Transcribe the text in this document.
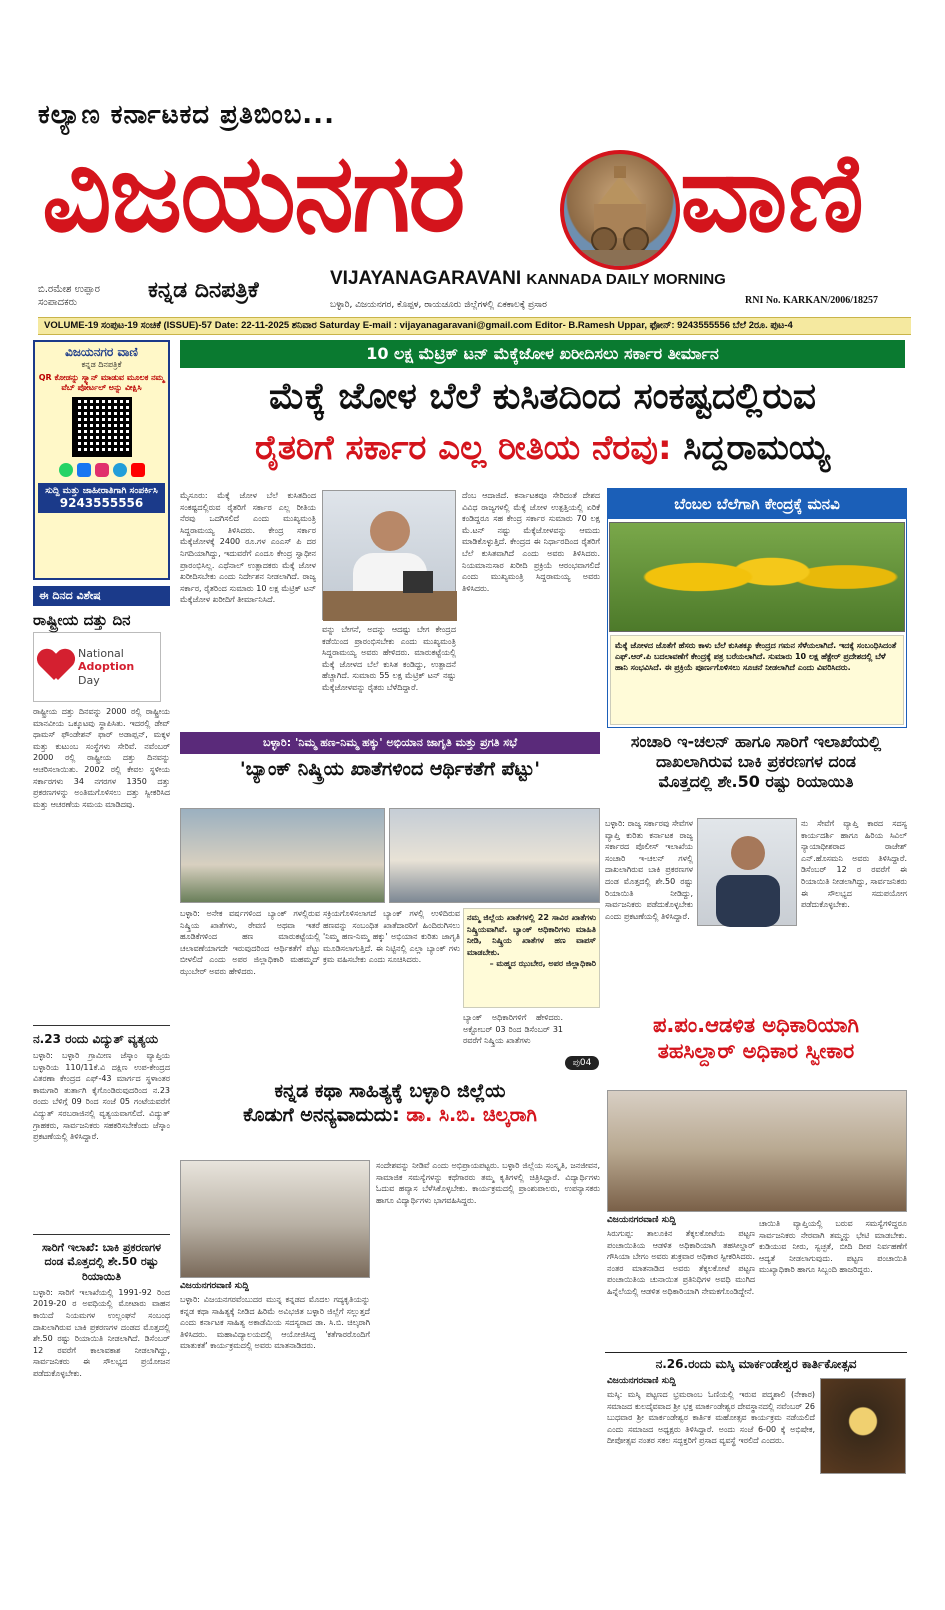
ಕಲ್ಯಾಣ ಕರ್ನಾಟಕದ ಪ್ರತಿಬಿಂಬ...
ವಿಜಯನಗರ ವಾಣಿ
ಬಿ.ರಮೇಶ ಉಪ್ಪಾರ
ಸಂಪಾದಕರು	ಕನ್ನಡ ದಿನಪತ್ರಿಕೆ	VIJAYANAGARAVANI KANNADA DAILY MORNING
ಬಳ್ಳಾರಿ, ವಿಜಯನಗರ, ಕೊಪ್ಪಳ, ರಾಯಚೂರು ಜಿಲ್ಲೆಗಳಲ್ಲಿ ಏಕಕಾಲಕ್ಕೆ ಪ್ರಸಾರ	RNI No. KARKAN/2006/18257
VOLUME-19 ಸಂಪುಟ-19 ಸಂಚಿಕೆ (ISSUE)-57 Date: 22-11-2025 ಶನಿವಾರ Saturday E-mail : vijayanagaravani@gmail.com Editor- B.Ramesh Uppar, ಫೋನ್: 9243555556 ಬೆಲೆ 2ರೂ. ಪುಟ-4
ವಿಜಯನಗರ ವಾಣಿ
ಕನ್ನಡ ದಿನಪತ್ರಿಕೆ
QR ಕೋಡನ್ನು ಸ್ಕ್ಯಾನ್ ಮಾಡುವ ಮೂಲಕ ನಮ್ಮ ವೆಬ್ ಪೋರ್ಟಲ್ ಅನ್ನು ವೀಕ್ಷಿಸಿ
ಸುದ್ದಿ ಮತ್ತು ಜಾಹೀರಾತಿಗಾಗಿ ಸಂಪರ್ಕಿಸಿ
9243555556
ಈ ದಿನದ ವಿಶೇಷ
ರಾಷ್ಟ್ರೀಯ ದತ್ತು ದಿನ
National
Adoption
Day
ರಾಷ್ಟ್ರೀಯ ದತ್ತು ದಿನವನ್ನು 2000 ರಲ್ಲಿ ರಾಷ್ಟ್ರೀಯ ಮಾನವೀಯ ಒಕ್ಕೂಟವು ಸ್ಥಾಪಿಸಿತು. ಇದರಲ್ಲಿ ಡೇವ್ ಥಾಮಸ್ ಫೌಂಡೇಶನ್ ಫಾರ್ ಅಡಾಪ್ಷನ್, ಮಕ್ಕಳ ಮತ್ತು ಕುಟುಂಬ ಸಂಸ್ಥೆಗಳು ಸೇರಿವೆ. ನವೆಂಬರ್ 2000 ರಲ್ಲಿ ರಾಷ್ಟ್ರೀಯ ದತ್ತು ದಿನವನ್ನು ಆಚರಿಸಲಾಯಿತು. 2002 ರಲ್ಲಿ ಕೇವಲ ಸ್ಥಳೀಯ ಸರ್ಕಾರಗಳು 34 ನಗರಗಳ 1350 ದತ್ತು ಪ್ರಕರಣಗಳನ್ನು ಅಂತಿಮಗೊಳಿಸಲು ದತ್ತು ಸ್ವೀಕರಿಸಿದ ಮತ್ತು ಆಚರಣೆಯ ಸಮಯ ಮಾಡಿದವು.
ನ.23 ರಂದು ವಿದ್ಯುತ್ ವ್ಯತ್ಯಯ
ಬಳ್ಳಾರಿ: ಬಳ್ಳಾರಿ ಗ್ರಾಮೀಣ ಜೆಸ್ಕಾಂ ವ್ಯಾಪ್ತಿಯ ಬಳ್ಳಾರಿಯ 110/11ಕೆ.ವಿ ದಕ್ಷಿಣ ಉಪ-ಕೇಂದ್ರದ ವಿತರಣಾ ಕೇಂದ್ರದ ಎಫ್-43 ಮಾರ್ಗದ ಸ್ಥಳಾಂತರ ಕಾಮಗಾರಿ ತುರ್ತಾಗಿ ಕೈಗೊಂಡಿರುವುದರಿಂದ ನ.23 ರಂದು ಬೆಳಿಗ್ಗೆ 09 ರಿಂದ ಸಂಜೆ 05 ಗಂಟೆಯವರೆಗೆ ವಿದ್ಯುತ್ ಸರಬರಾಜಿನಲ್ಲಿ ವ್ಯತ್ಯಯವಾಗಲಿದೆ. ವಿದ್ಯುತ್ ಗ್ರಾಹಕರು, ಸಾರ್ವಜನಿಕರು ಸಹಕರಿಸಬೇಕೆಂದು ಜೆಸ್ಕಾಂ ಪ್ರಕಟಣೆಯಲ್ಲಿ ತಿಳಿಸಿದ್ದಾರೆ.
ಸಾರಿಗೆ ಇಲಾಖೆ: ಬಾಕಿ ಪ್ರಕರಣಗಳ ದಂಡ ಮೊತ್ತದಲ್ಲಿ ಶೇ.50 ರಷ್ಟು ರಿಯಾಯಿತಿ
ಬಳ್ಳಾರಿ: ಸಾರಿಗೆ ಇಲಾಖೆಯಲ್ಲಿ 1991-92 ರಿಂದ 2019-20 ರ ಅವಧಿಯಲ್ಲಿ ಮೋಟಾರು ವಾಹನ ಕಾಯಿದೆ ನಿಯಮಗಳ ಉಲ್ಲಂಘನೆ ಸಂಬಂಧ ದಾಖಲಾಗಿರುವ ಬಾಕಿ ಪ್ರಕರಣಗಳ ದಂಡದ ಮೊತ್ತದಲ್ಲಿ ಶೇ.50 ರಷ್ಟು ರಿಯಾಯಿತಿ ನೀಡಲಾಗಿದೆ. ಡಿಸೆಂಬರ್ 12 ರವರೆಗೆ ಕಾಲಾವಕಾಶ ನೀಡಲಾಗಿದ್ದು, ಸಾರ್ವಜನಿಕರು ಈ ಸೌಲಭ್ಯದ ಪ್ರಯೋಜನ ಪಡೆದುಕೊಳ್ಳಬೇಕು.
10 ಲಕ್ಷ ಮೆಟ್ರಿಕ್ ಟನ್ ಮೆಕ್ಕೆಜೋಳ ಖರೀದಿಸಲು ಸರ್ಕಾರ ತೀರ್ಮಾನ
ಮೆಕ್ಕೆ ಜೋಳ ಬೆಲೆ ಕುಸಿತದಿಂದ ಸಂಕಷ್ಟದಲ್ಲಿರುವ
ರೈತರಿಗೆ ಸರ್ಕಾರ ಎಲ್ಲ ರೀತಿಯ ನೆರವು: ಸಿದ್ದರಾಮಯ್ಯ
ಮೈಸೂರು: ಮೆಕ್ಕೆ ಜೋಳ ಬೆಲೆ ಕುಸಿತದಿಂದ ಸಂಕಷ್ಟದಲ್ಲಿರುವ ರೈತರಿಗೆ ಸರ್ಕಾರ ಎಲ್ಲ ರೀತಿಯ ನೆರವು ಒದಗಿಸಲಿದೆ ಎಂದು ಮುಖ್ಯಮಂತ್ರಿ ಸಿದ್ದರಾಮಯ್ಯ ತಿಳಿಸಿದರು. ಕೇಂದ್ರ ಸರ್ಕಾರ ಮೆಕ್ಕೆಜೋಳಕ್ಕೆ 2400 ರೂ.ಗಳ ಎಂಎಸ್ ಪಿ ದರ ನಿಗದಿಯಾಗಿದ್ದು, ಇದುವರೆಗೆ ಎಂದೂ ಕೇಂದ್ರ ಸ್ವಾಧೀನ ಪ್ರಾರಂಭಿಸಿಲ್ಲ. ಎಥೆನಾಲ್ ಉತ್ಪಾದಕರು ಮೆಕ್ಕೆ ಜೋಳ ಖರೀದಿಸಬೇಕು ಎಂದು ನಿರ್ದೇಶನ ನೀಡಲಾಗಿದೆ. ರಾಜ್ಯ ಸರ್ಕಾರ, ರೈತರಿಂದ ಸುಮಾರು 10 ಲಕ್ಷ ಮೆಟ್ರಿಕ್ ಟನ್ ಮೆಕ್ಕೆಜೋಳ ಖರೀದಿಗೆ ತೀರ್ಮಾನಿಸಿದೆ.
ವನ್ನು ಬೇಗನೆ, ಅದನ್ನು ಆದಷ್ಟು ಬೇಗ ಕೇಂದ್ರದ ಕಡೆಯಿಂದ ಪ್ರಾರಂಭಿಸಬೇಕು ಎಂದು ಮುಖ್ಯಮಂತ್ರಿ ಸಿದ್ದರಾಮಯ್ಯ ಅವರು ಹೇಳಿದರು. ಮಾರುಕಟ್ಟೆಯಲ್ಲಿ ಮೆಕ್ಕೆ ಜೋಳದ ಬೆಲೆ ಕುಸಿತ ಕಂಡಿದ್ದು, ಉತ್ಪಾದನೆ ಹೆಚ್ಚಾಗಿದೆ. ಸುಮಾರು 55 ಲಕ್ಷ ಮೆಟ್ರಿಕ್ ಟನ್ ನಷ್ಟು ಮೆಕ್ಕೆಜೋಳವನ್ನು ರೈತರು ಬೆಳೆದಿದ್ದಾರೆ.
ದೆಂಬ ಆದಾಜಿದೆ. ಕರ್ನಾಟಕವೂ ಸೇರಿದಂತೆ ದೇಶದ ವಿವಿಧ ರಾಜ್ಯಗಳಲ್ಲಿ ಮೆಕ್ಕೆ ಜೋಳ ಉತ್ಪತ್ತಿಯಲ್ಲಿ ಏರಿಕೆ ಕಂಡಿದ್ದರೂ ಸಹ ಕೇಂದ್ರ ಸರ್ಕಾರ ಸುಮಾರು 70 ಲಕ್ಷ ಮೆ.ಟನ್ ನಷ್ಟು ಮೆಕ್ಕೆಜೋಳವನ್ನು ಆಮದು ಮಾಡಿಕೊಳ್ಳುತ್ತಿದೆ. ಕೇಂದ್ರದ ಈ ನಿರ್ಧಾರದಿಂದ ರೈತರಿಗೆ ಬೆಲೆ ಕುಸಿತವಾಗಿದೆ ಎಂದು ಅವರು ತಿಳಿಸಿದರು. ನಿಯಮಾನುಸಾರ ಖರೀದಿ ಪ್ರಕ್ರಿಯೆ ಆರಂಭವಾಗಲಿದೆ ಎಂದು ಮುಖ್ಯಮಂತ್ರಿ ಸಿದ್ದರಾಮಯ್ಯ ಅವರು ತಿಳಿಸಿದರು.
ಬೆಂಬಲ ಬೆಲೆಗಾಗಿ ಕೇಂದ್ರಕ್ಕೆ ಮನವಿ
ಮೆಕ್ಕೆ ಜೋಳದ ಜೊತೆಗೆ ಹೆಸರು ಕಾಳು ಬೆಲೆ ಕುಸಿತಕ್ಕೂ ಕೇಂದ್ರದ ಗಮನ ಸೆಳೆಯಲಾಗಿದೆ. ಇದಕ್ಕೆ ಸಂಬಂಧಿಸಿದಂತೆ ಎಫ್.ಆರ್.ಪಿ ಬದಲಾವಣೆಗೆ ಕೇಂದ್ರಕ್ಕೆ ಪತ್ರ ಬರೆಯಲಾಗಿದೆ. ಸುಮಾರು 10 ಲಕ್ಷ ಹೆಕ್ಟೇರ್ ಪ್ರದೇಶದಲ್ಲಿ ಬೆಳೆ ಹಾನಿ ಸಂಭವಿಸಿದೆ. ಈ ಪ್ರಕ್ರಿಯೆ ಪೂರ್ಣಗೊಳಿಸಲು ಸೂಚನೆ ನೀಡಲಾಗಿದೆ ಎಂದು ವಿವರಿಸಿದರು.
ಬಳ್ಳಾರಿ: 'ನಿಮ್ಮ ಹಣ-ನಿಮ್ಮ ಹಕ್ಕು' ಅಭಿಯಾನ ಜಾಗೃತಿ ಮತ್ತು ಪ್ರಗತಿ ಸಭೆ
'ಬ್ಯಾಂಕ್ ನಿಷ್ಕ್ರಿಯ ಖಾತೆಗಳಿಂದ ಆರ್ಥಿಕತೆಗೆ ಪೆಟ್ಟು'
ಬಳ್ಳಾರಿ: ಅನೇಕ ವರ್ಷಗಳಿಂದ ಬ್ಯಾಂಕ್ ಗಳಲ್ಲಿರುವ ನಿಷ್ಕ್ರಿಯ ಖಾತೆಗಳು, ಠೇವಣಿ ಅಥವಾ ಇತರೆ ಹೂಡಿಕೆಗಳಿಂದ ಹಣ ಮಾರುಕಟ್ಟೆಯಲ್ಲಿ ಚಲಾವಣೆಯಾಗದೇ ಇರುವುದರಿಂದ ಆರ್ಥಿಕತೆಗೆ ಪೆಟ್ಟು ಬೀಳಲಿದೆ ಎಂದು ಅಪರ ಜಿಲ್ಲಾಧಿಕಾರಿ ಮಹಮ್ಮದ್ ಝುಬೇರ್ ಅವರು ಹೇಳಿದರು.
ಸಕ್ರಿಯಗೊಳಿಸಲಾಗದೆ ಬ್ಯಾಂಕ್ ಗಳಲ್ಲಿ ಉಳಿದಿರುವ ಹಣವನ್ನು ಸಂಬಂಧಿತ ಖಾತೆದಾರರಿಗೆ ಹಿಂದಿರುಗಿಸಲು 'ನಿಮ್ಮ ಹಣ-ನಿಮ್ಮ ಹಕ್ಕು' ಅಭಿಯಾನ ಕುರಿತು ಜಾಗೃತಿ ಮೂಡಿಸಲಾಗುತ್ತಿದೆ. ಈ ನಿಟ್ಟಿನಲ್ಲಿ ಎಲ್ಲಾ ಬ್ಯಾಂಕ್ ಗಳು ಕ್ರಮ ವಹಿಸಬೇಕು ಎಂದು ಸೂಚಿಸಿದರು.
ನಮ್ಮ ಜಿಲ್ಲೆಯ ಖಾತೆಗಳಲ್ಲಿ 22 ಸಾವಿರ ಖಾತೆಗಳು ನಿಷ್ಕ್ರಿಯವಾಗಿವೆ. ಬ್ಯಾಂಕ್ ಅಧಿಕಾರಿಗಳು ಮಾಹಿತಿ ನೀಡಿ, ನಿಷ್ಕ್ರಿಯ ಖಾತೆಗಳ ಹಣ ವಾಪಸ್ ಮಾಡಬೇಕು.
– ಮಹ್ಮದ ಝುಬೇರ, ಅಪರ ಜಿಲ್ಲಾಧಿಕಾರಿ
ಬ್ಯಾಂಕ್ ಅಧಿಕಾರಿಗಳಿಗೆ ಹೇಳಿದರು. ಅಕ್ಟೋಬರ್ 03 ರಿಂದ ಡಿಸೆಂಬರ್ 31 ರವರೆಗೆ ನಿಷ್ಕ್ರಿಯ ಖಾತೆಗಳು
ಪು04
ಸಂಚಾರಿ ಇ-ಚಲನ್ ಹಾಗೂ ಸಾರಿಗೆ ಇಲಾಖೆಯಲ್ಲಿ
ದಾಖಲಾಗಿರುವ ಬಾಕಿ ಪ್ರಕರಣಗಳ ದಂಡ
ಮೊತ್ತದಲ್ಲಿ ಶೇ.50 ರಷ್ಟು ರಿಯಾಯಿತಿ
ಬಳ್ಳಾರಿ: ರಾಜ್ಯ ಸರ್ಕಾರವು ಸೇವೆಗಳ ವ್ಯಾಪ್ತಿ ಕುರಿತು ಕರ್ನಾಟಕ ರಾಜ್ಯ ಸರ್ಕಾರದ ಪೊಲೀಸ್ ಇಲಾಖೆಯ ಸಂಚಾರಿ ಇ-ಚಲನ್ ಗಳಲ್ಲಿ ದಾಖಲಾಗಿರುವ ಬಾಕಿ ಪ್ರಕರಣಗಳ ದಂಡ ಮೊತ್ತದಲ್ಲಿ ಶೇ.50 ರಷ್ಟು ರಿಯಾಯಿತಿ ನೀಡಿದ್ದು, ಸಾರ್ವಜನಿಕರು ಪಡೆದುಕೊಳ್ಳಬೇಕು ಎಂದು ಪ್ರಕಟಣೆಯಲ್ಲಿ ತಿಳಿಸಿದ್ದಾರೆ.
ನು ಸೇವೆಗೆ ವ್ಯಾಪ್ತಿ ಕಾರದ ಸದಸ್ಯ ಕಾರ್ಯದರ್ಶಿ ಹಾಗೂ ಹಿರಿಯ ಸಿವಿಲ್ ನ್ಯಾಯಾಧೀಶರಾದ ರಾಜೇಶ್ ಎನ್.ಹೊಸಮನಿ ಅವರು ತಿಳಿಸಿದ್ದಾರೆ. ಡಿಸೆಂಬರ್ 12 ರ ರವರೆಗೆ ಈ ರಿಯಾಯಿತಿ ನೀಡಲಾಗಿದ್ದು, ಸಾರ್ವಜನಿಕರು ಈ ಸೌಲಭ್ಯದ ಸದುಪಯೋಗ ಪಡೆದುಕೊಳ್ಳಬೇಕು.
ಪ.ಪಂ.ಆಡಳಿತ ಅಧಿಕಾರಿಯಾಗಿ
ತಹಸಿಲ್ದಾರ್ ಅಧಿಕಾರ ಸ್ವೀಕಾರ
ವಿಜಯನಗರವಾಣಿ ಸುದ್ದಿ
ಸಿರುಗುಪ್ಪ: ತಾಲೂಕಿನ ತೆಕ್ಕಲಕೋಟೆಯ ಪಟ್ಟಣ ಪಂಚಾಯಿತಿಯ ಆಡಳಿತ ಅಧಿಕಾರಿಯಾಗಿ ತಹಸೀಲ್ದಾರ್ ಗೌಸಿಯಾ ಬೇಗಂ ಅವರು ಶುಕ್ರವಾರ ಅಧಿಕಾರ ಸ್ವೀಕರಿಸಿದರು. ನಂತರ ಮಾತನಾಡಿದ ಅವರು ತೆಕ್ಕಲಕೋಟೆ ಪಟ್ಟಣ ಪಂಚಾಯಿತಿಯ ಚುನಾಯಿತ ಪ್ರತಿನಿಧಿಗಳ ಅವಧಿ ಮುಗಿದ ಹಿನ್ನೆಲೆಯಲ್ಲಿ ಆಡಳಿತ ಅಧಿಕಾರಿಯಾಗಿ ನೇಮಕಗೊಂಡಿದ್ದೇನೆ.
ಚಾಯಿತಿ ವ್ಯಾಪ್ತಿಯಲ್ಲಿ ಬರುವ ಸಮಸ್ಯೆಗಳಿದ್ದರೂ ಸಾರ್ವಜನಿಕರು ನೇರವಾಗಿ ತಮ್ಮನ್ನು ಭೇಟಿ ಮಾಡಬೇಕು. ಕುಡಿಯುವ ನೀರು, ಸ್ವಚ್ಛತೆ, ಬೀದಿ ದೀಪ ನಿರ್ವಹಣೆಗೆ ಆದ್ಯತೆ ನೀಡಲಾಗುವುದು. ಪಟ್ಟಣ ಪಂಚಾಯಿತಿ ಮುಖ್ಯಾಧಿಕಾರಿ ಹಾಗೂ ಸಿಬ್ಬಂದಿ ಹಾಜರಿದ್ದರು.
ಕನ್ನಡ ಕಥಾ ಸಾಹಿತ್ಯಕ್ಕೆ ಬಳ್ಳಾರಿ ಜಿಲ್ಲೆಯ
ಕೊಡುಗೆ ಅನನ್ಯವಾದುದು: ಡಾ. ಸಿ.ಬಿ. ಚಿಲ್ಕರಾಗಿ
ವಿಜಯನಗರವಾಣಿ ಸುದ್ದಿ
ಬಳ್ಳಾರಿ: ವಿಜಯನಗರವೆಂಬುದರ ಮುನ್ನ ಕನ್ನಡದ ಮೊದಲ ಗದ್ಯಕೃತಿಯನ್ನು ಕನ್ನಡ ಕಥಾ ಸಾಹಿತ್ಯಕ್ಕೆ ನೀಡಿದ ಹಿರಿಮೆ ಅವಿಭಜಿತ ಬಳ್ಳಾರಿ ಜಿಲ್ಲೆಗೆ ಸಲ್ಲುತ್ತದೆ ಎಂದು ಕರ್ನಾಟಕ ಸಾಹಿತ್ಯ ಅಕಾಡೆಮಿಯ ಸದಸ್ಯರಾದ ಡಾ. ಸಿ.ಬಿ. ಚಿಲ್ಕರಾಗಿ ತಿಳಿಸಿದರು. ಮಹಾವಿದ್ಯಾಲಯದಲ್ಲಿ ಆಯೋಜಿಸಿದ್ದ 'ಕತೆಗಾರರೊಂದಿಗೆ ಮಾತುಕತೆ' ಕಾರ್ಯಕ್ರಮದಲ್ಲಿ ಅವರು ಮಾತನಾಡಿದರು.
ಸಂದೇಶವನ್ನು ನೀಡಿವೆ ಎಂದು ಅಭಿಪ್ರಾಯಪಟ್ಟರು. ಬಳ್ಳಾರಿ ಜಿಲ್ಲೆಯ ಸಂಸ್ಕೃತಿ, ಜನಜೀವನ, ಸಾಮಾಜಿಕ ಸಮಸ್ಯೆಗಳನ್ನು ಕಥೆಗಾರರು ತಮ್ಮ ಕೃತಿಗಳಲ್ಲಿ ಚಿತ್ರಿಸಿದ್ದಾರೆ. ವಿದ್ಯಾರ್ಥಿಗಳು ಓದುವ ಹವ್ಯಾಸ ಬೆಳೆಸಿಕೊಳ್ಳಬೇಕು. ಕಾರ್ಯಕ್ರಮದಲ್ಲಿ ಪ್ರಾಂಶುಪಾಲರು, ಉಪನ್ಯಾಸಕರು ಹಾಗೂ ವಿದ್ಯಾರ್ಥಿಗಳು ಭಾಗವಹಿಸಿದ್ದರು.
ನ.26.ರಂದು ಮಸ್ಕಿ ಮಾರ್ಕಂಡೇಶ್ವರ ಕಾರ್ತಿಕೋತ್ಸವ
ವಿಜಯನಗರವಾಣಿ ಸುದ್ದಿ
ಮಸ್ಕಿ: ಮಸ್ಕಿ ಪಟ್ಟಣದ ಭ್ರಮರಾಂಬ ಓಣಿಯಲ್ಲಿ ಇರುವ ಪದ್ಮಶಾಲಿ (ನೇಕಾರ) ಸಮಾಜದ ಕುಲದೈವವಾದ ಶ್ರೀ ಭಕ್ತ ಮಾರ್ಕಂಡೇಶ್ವರ ದೇವಸ್ಥಾನದಲ್ಲಿ ನವೆಂಬರ್ 26 ಬುಧವಾರ ಶ್ರೀ ಮಾರ್ಕಂಡೇಶ್ವರ ಕಾರ್ತಿಕ ಮಹೋತ್ಸವ ಕಾರ್ಯಕ್ರಮ ನಡೆಯಲಿದೆ ಎಂದು ಸಮಾಜದ ಅಧ್ಯಕ್ಷರು ತಿಳಿಸಿದ್ದಾರೆ. ಅಂದು ಸಂಜೆ 6-00 ಕ್ಕೆ ಅಭಿಷೇಕ, ದೀಪೋತ್ಸವ ನಂತರ ಸಕಲ ಸದ್ಭಕ್ತರಿಗೆ ಪ್ರಸಾದ ವ್ಯವಸ್ಥೆ ಇರಲಿದೆ ಎಂದರು.
